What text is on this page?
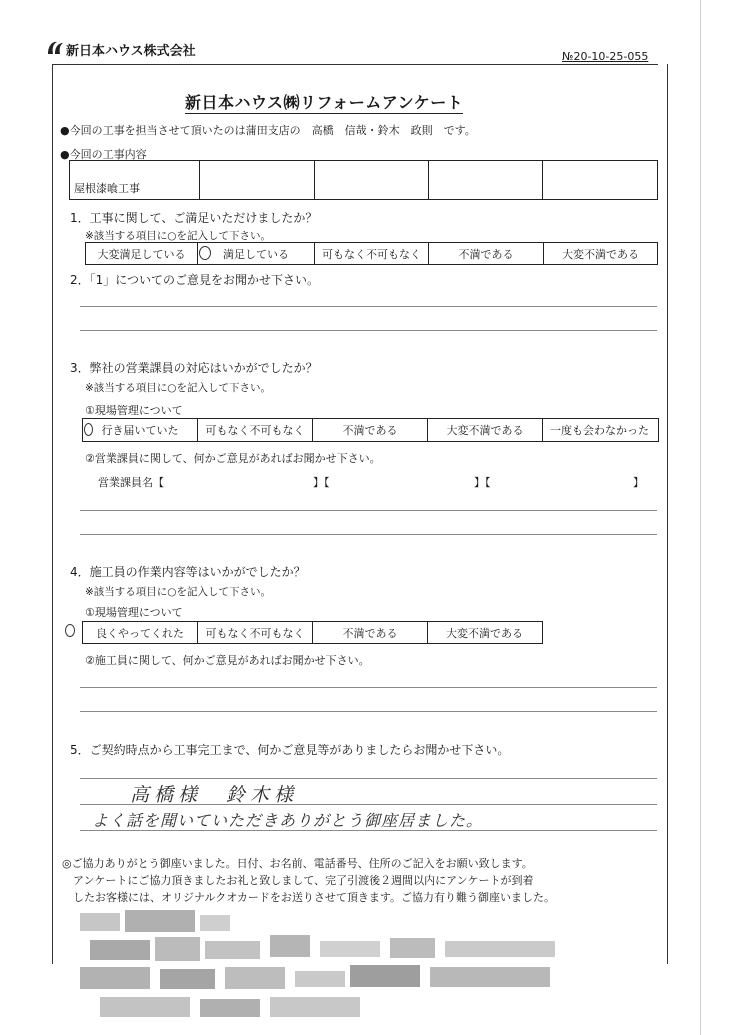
新日本ハウス株式会社	№20-10-25-055
新日本ハウス㈱リフォームアンケート
●今回の工事を担当させて頂いたのは蒲田支店の　高橋　信哉・鈴木　政則　です。
●今回の工事内容
屋根漆喰工事
1．工事に関して、ご満足いただけましたか？
※該当する項目に○を記入して下さい。
大変満足している	満足している	可もなく不可もなく	不満である	大変不満である
2．「1」についてのご意見をお聞かせ下さい。
3．弊社の営業課員の対応はいかがでしたか？
※該当する項目に○を記入して下さい。
①現場管理について
行き届いていた	可もなく不可もなく	不満である	大変不満である	一度も会わなかった
②営業課員に関して、何かご意見があればお聞かせ下さい。
営業課員名【	】【	】【	】
4．施工員の作業内容等はいかがでしたか？
※該当する項目に○を記入して下さい。
①現場管理について
良くやってくれた	可もなく不可もなく	不満である	大変不満である
②施工員に関して、何かご意見があればお聞かせ下さい。
5．ご契約時点から工事完工まで、何かご意見等がありましたらお聞かせ下さい。
高橋様　鈴木様
よく話を聞いていただきありがとう御座居ました。
◎ご協力ありがとう御座いました。日付、お名前、電話番号、住所のご記入をお願い致します。
アンケートにご協力頂きましたお礼と致しまして、完了引渡後２週間以内にアンケートが到着
したお客様には、オリジナルクオカードをお送りさせて頂きます。ご協力有り難う御座いました。
